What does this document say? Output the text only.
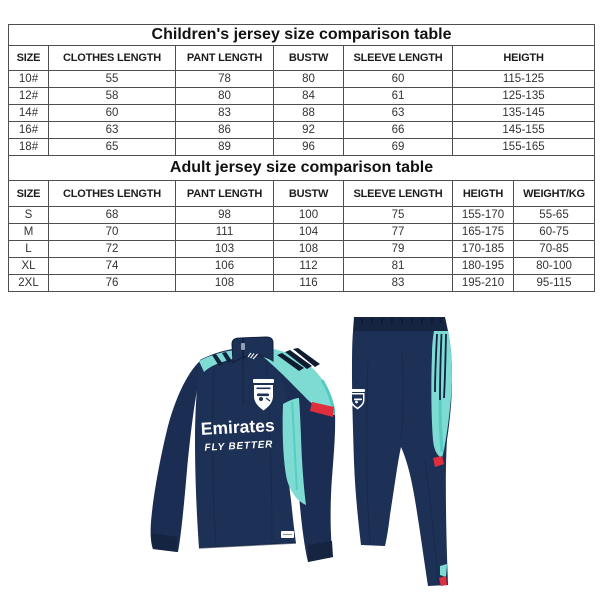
Children's jersey size comparison table						
SIZE	CLOTHES LENGTH	PANT LENGTH	BUSTW	SLEEVE LENGTH	HEIGTH	
10#	55	78	80	60	115-125	
12#	58	80	84	61	125-135	
14#	60	83	88	63	135-145	
16#	63	86	92	66	145-155	
18#	65	89	96	69	155-165	
Adult jersey size comparison table						
SIZE	CLOTHES LENGTH	PANT LENGTH	BUSTW	SLEEVE LENGTH	HEIGTH	WEIGHT/KG
S	68	98	100	75	155-170	55-65
M	70	111	104	77	165-175	60-75
L	72	103	108	79	170-185	70-85
XL	74	106	112	81	180-195	80-100
2XL	76	108	116	83	195-210	95-115
Emirates
FLY BETTER
